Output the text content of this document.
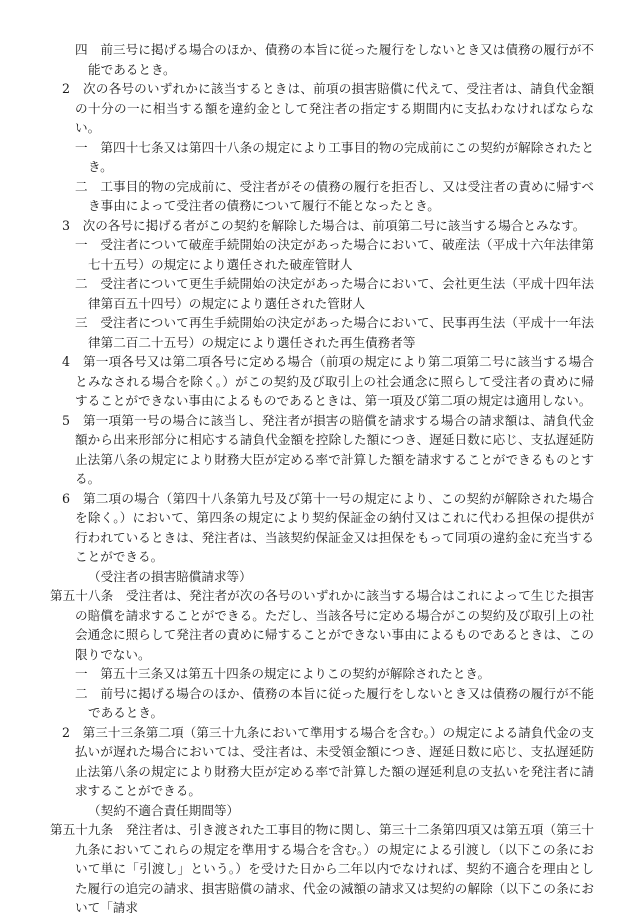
四　前三号に掲げる場合のほか、債務の本旨に従った履行をしないとき又は債務の履行が不能であるとき。

2　次の各号のいずれかに該当するときは、前項の損害賠償に代えて、受注者は、請負代金額の十分の一に相当する額を違約金として発注者の指定する期間内に支払わなければならない。

一　第四十七条又は第四十八条の規定により工事目的物の完成前にこの契約が解除されたとき。

二　工事目的物の完成前に、受注者がその債務の履行を拒否し、又は受注者の責めに帰すべき事由によって受注者の債務について履行不能となったとき。

3　次の各号に掲げる者がこの契約を解除した場合は、前項第二号に該当する場合とみなす。

一　受注者について破産手続開始の決定があった場合において、破産法（平成十六年法律第七十五号）の規定により選任された破産管財人

二　受注者について更生手続開始の決定があった場合において、会社更生法（平成十四年法律第百五十四号）の規定により選任された管財人

三　受注者について再生手続開始の決定があった場合において、民事再生法（平成十一年法律第二百二十五号）の規定により選任された再生債務者等

4　第一項各号又は第二項各号に定める場合（前項の規定により第二項第二号に該当する場合とみなされる場合を除く。）がこの契約及び取引上の社会通念に照らして受注者の責めに帰することができない事由によるものであるときは、第一項及び第二項の規定は適用しない。

5　第一項第一号の場合に該当し、発注者が損害の賠償を請求する場合の請求額は、請負代金額から出来形部分に相応する請負代金額を控除した額につき、遅延日数に応じ、支払遅延防止法第八条の規定により財務大臣が定める率で計算した額を請求することができるものとする。

6　第二項の場合（第四十八条第九号及び第十一号の規定により、この契約が解除された場合を除く。）において、第四条の規定により契約保証金の納付又はこれに代わる担保の提供が行われているときは、発注者は、当該契約保証金又は担保をもって同項の違約金に充当することができる。

（受注者の損害賠償請求等）

第五十八条　受注者は、発注者が次の各号のいずれかに該当する場合はこれによって生じた損害の賠償を請求することができる。ただし、当該各号に定める場合がこの契約及び取引上の社会通念に照らして発注者の責めに帰することができない事由によるものであるときは、この限りでない。

一　第五十三条又は第五十四条の規定によりこの契約が解除されたとき。

二　前号に掲げる場合のほか、債務の本旨に従った履行をしないとき又は債務の履行が不能であるとき。

2　第三十三条第二項（第三十九条において準用する場合を含む。）の規定による請負代金の支払いが遅れた場合においては、受注者は、未受領金額につき、遅延日数に応じ、支払遅延防止法第八条の規定により財務大臣が定める率で計算した額の遅延利息の支払いを発注者に請求することができる。

（契約不適合責任期間等）

第五十九条　発注者は、引き渡された工事目的物に関し、第三十二条第四項又は第五項（第三十九条においてこれらの規定を準用する場合を含む。）の規定による引渡し（以下この条において単に「引渡し」という。）を受けた日から二年以内でなければ、契約不適合を理由とした履行の追完の請求、損害賠償の請求、代金の減額の請求又は契約の解除（以下この条において「請求
